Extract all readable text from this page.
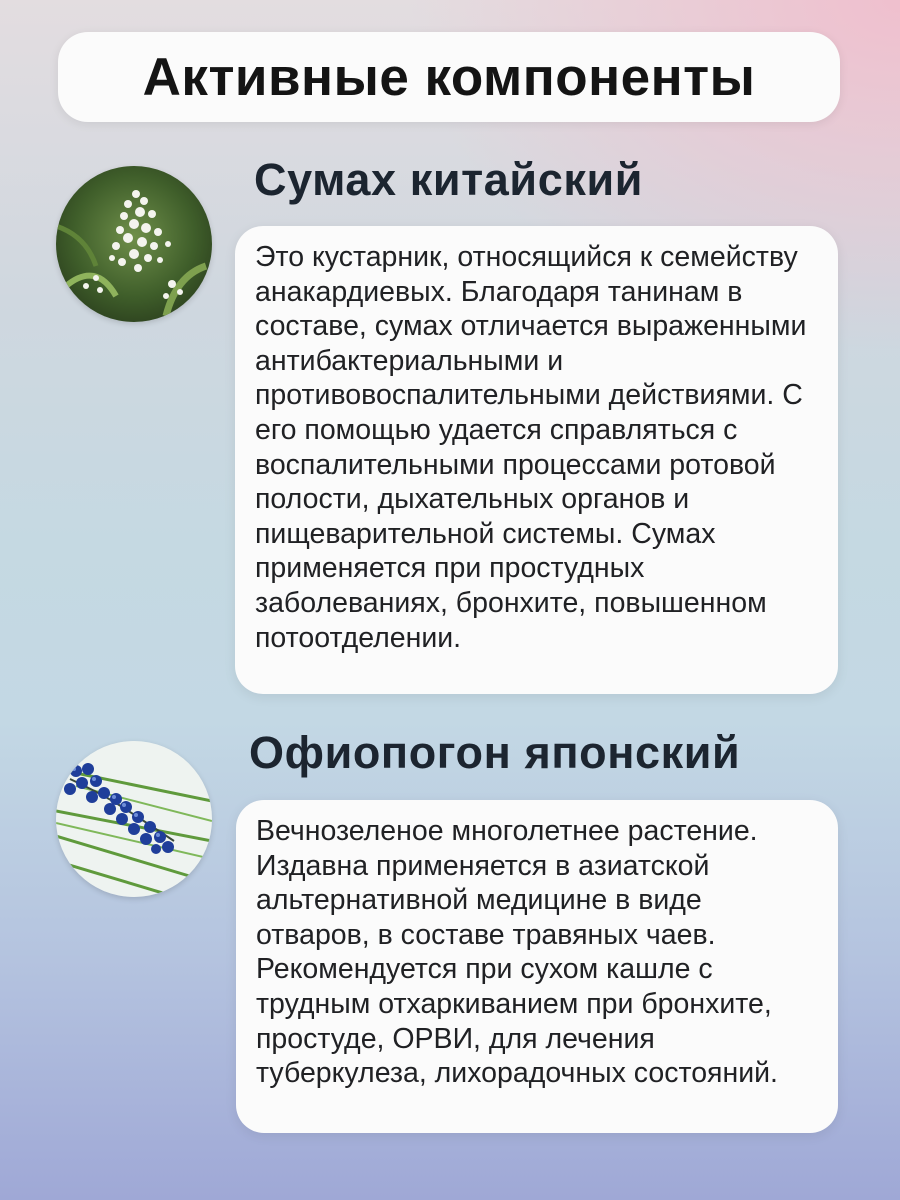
Активные компоненты
Сумах китайский

Это кустарник, относящийся к семейству анакардиевых. Благодаря танинам в составе, сумах отличается выраженными антибактериальными и противовоспалительными действиями. С его помощью удается справляться с воспалительными процессами ротовой полости, дыхательных органов и пищеварительной системы. Сумах применяется при простудных заболеваниях, бронхите, повышенном потоотделении.

Офиопогон японский

Вечнозеленое многолетнее растение. Издавна применяется в азиатской альтернативной медицине в виде отваров, в составе травяных чаев. Рекомендуется при сухом кашле с трудным отхаркиванием при бронхите, простуде, ОРВИ, для лечения туберкулеза, лихорадочных состояний.
